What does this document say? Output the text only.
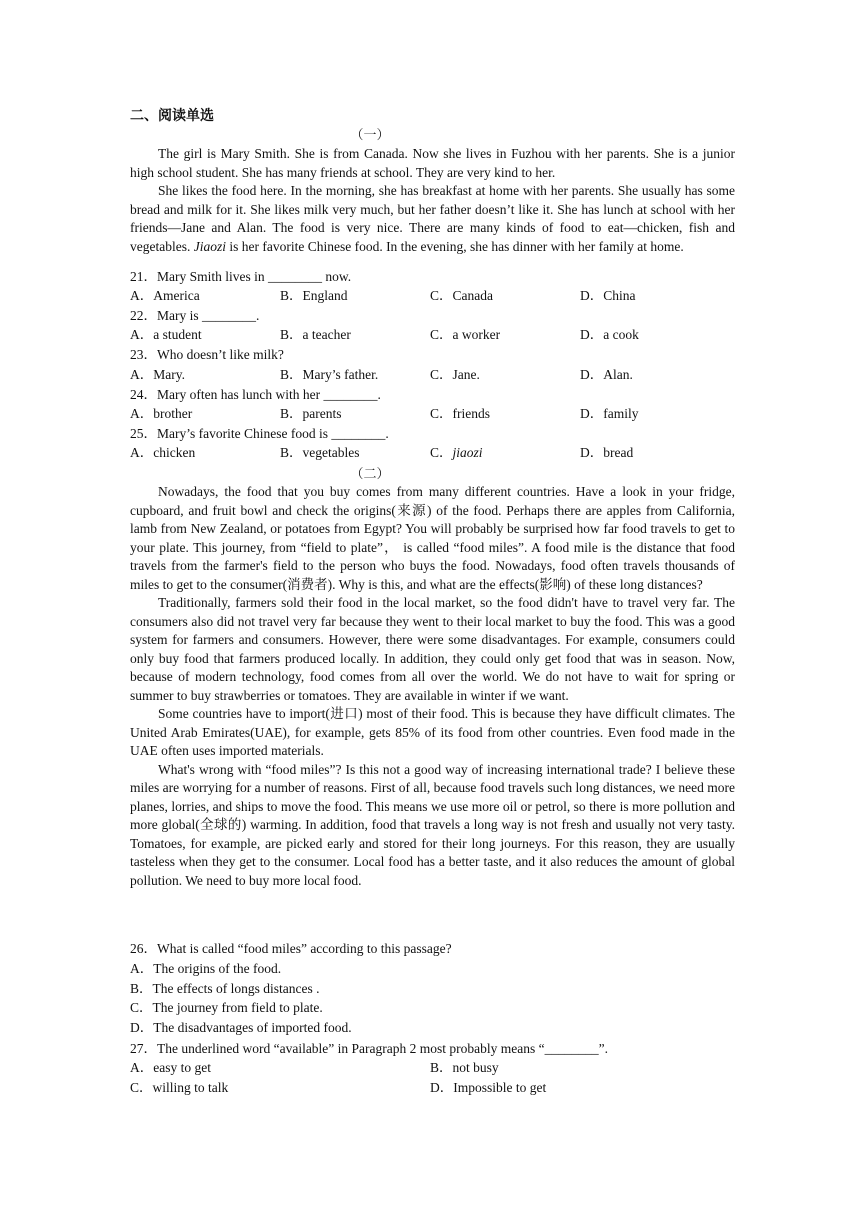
二、阅读单选
（一）

The girl is Mary Smith. She is from Canada. Now she lives in Fuzhou with her parents. She is a junior high school student. She has many friends at school. They are very kind to her.

She likes the food here. In the morning, she has breakfast at home with her parents. She usually has some bread and milk for it. She likes milk very much, but her father doesn’t like it. She has lunch at school with her friends—Jane and Alan. The food is very nice. There are many kinds of food to eat—chicken, fish and vegetables. Jiaozi is her favorite Chinese food. In the evening, she has dinner with her family at home.

21．Mary Smith lives in ________ now.
A．America	B．England	C．Canada	D．China
22．Mary is ________.
A．a student	B．a teacher	C．a worker	D．a cook
23．Who doesn’t like milk?
A．Mary.	B．Mary’s father.	C．Jane.	D．Alan.
24．Mary often has lunch with her ________.
A．brother	B．parents	C．friends	D．family
25．Mary’s favorite Chinese food is ________.
A．chicken	B．vegetables	C．jiaozi	D．bread
（二）

Nowadays, the food that you buy comes from many different countries. Have a look in your fridge, cupboard, and fruit bowl and check the origins(来源) of the food. Perhaps there are apples from California, lamb from New Zealand, or potatoes from Egypt? You will probably be surprised how far food travels to get to your plate. This journey, from “field to plate”， is called “food miles”. A food mile is the distance that food travels from the farmer's field to the person who buys the food. Nowadays, food often travels thousands of miles to get to the consumer(消费者). Why is this, and what are the effects(影响) of these long distances?

Traditionally, farmers sold their food in the local market, so the food didn't have to travel very far. The consumers also did not travel very far because they went to their local market to buy the food. This was a good system for farmers and consumers. However, there were some disadvantages. For example, consumers could only buy food that farmers produced locally. In addition, they could only get food that was in season. Now, because of modern technology, food comes from all over the world. We do not have to wait for spring or summer to buy strawberries or tomatoes. They are available in winter if we want.

Some countries have to import(进口) most of their food. This is because they have difficult climates. The United Arab Emirates(UAE), for example, gets 85% of its food from other countries. Even food made in the UAE often uses imported materials.

What's wrong with “food miles”? Is this not a good way of increasing international trade? I believe these miles are worrying for a number of reasons. First of all, because food travels such long distances, we need more planes, lorries, and ships to move the food. This means we use more oil or petrol, so there is more pollution and more global(全球的) warming. In addition, food that travels a long way is not fresh and usually not very tasty. Tomatoes, for example, are picked early and stored for their long journeys. For this reason, they are usually tasteless when they get to the consumer. Local food has a better taste, and it also reduces the amount of global pollution. We need to buy more local food.

26．What is called “food miles” according to this passage?
A．The origins of the food.
B．The effects of longs distances .
C．The journey from field to plate.
D．The disadvantages of imported food.
27．The underlined word “available” in Paragraph 2 most probably means “________”.
A．easy to get	B．not busy
C．willing to talk	D．Impossible to get
